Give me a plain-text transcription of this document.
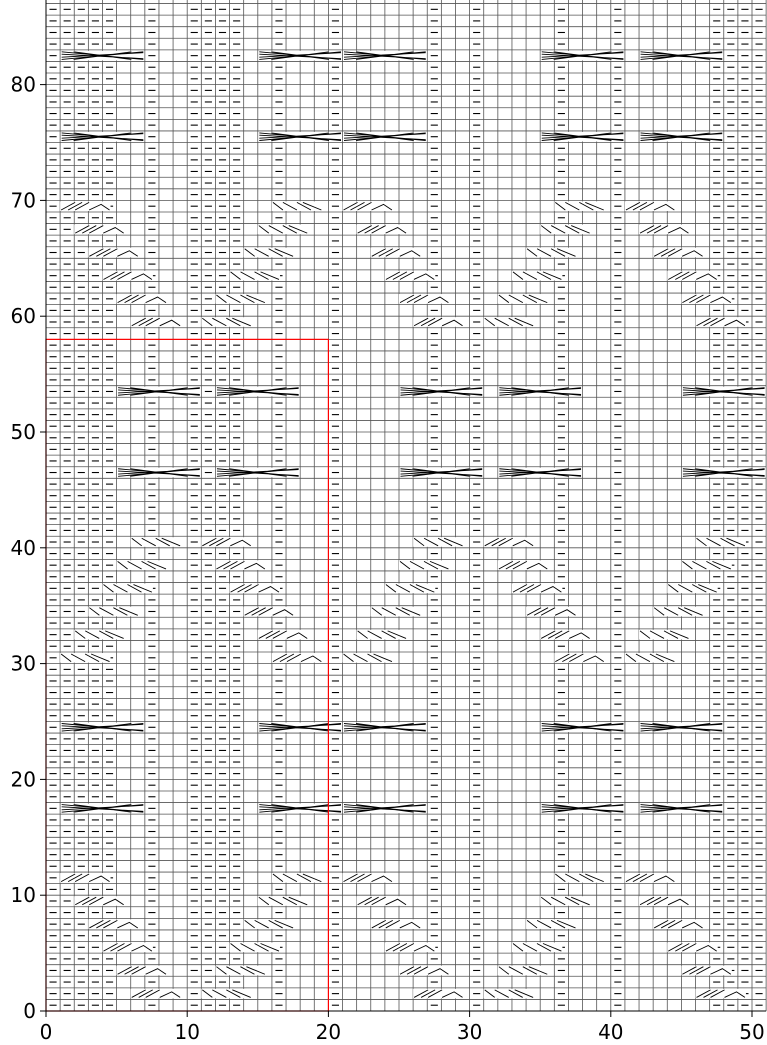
0	10	20	30	40	50
0
10
20
30
40
50
60
70
80
